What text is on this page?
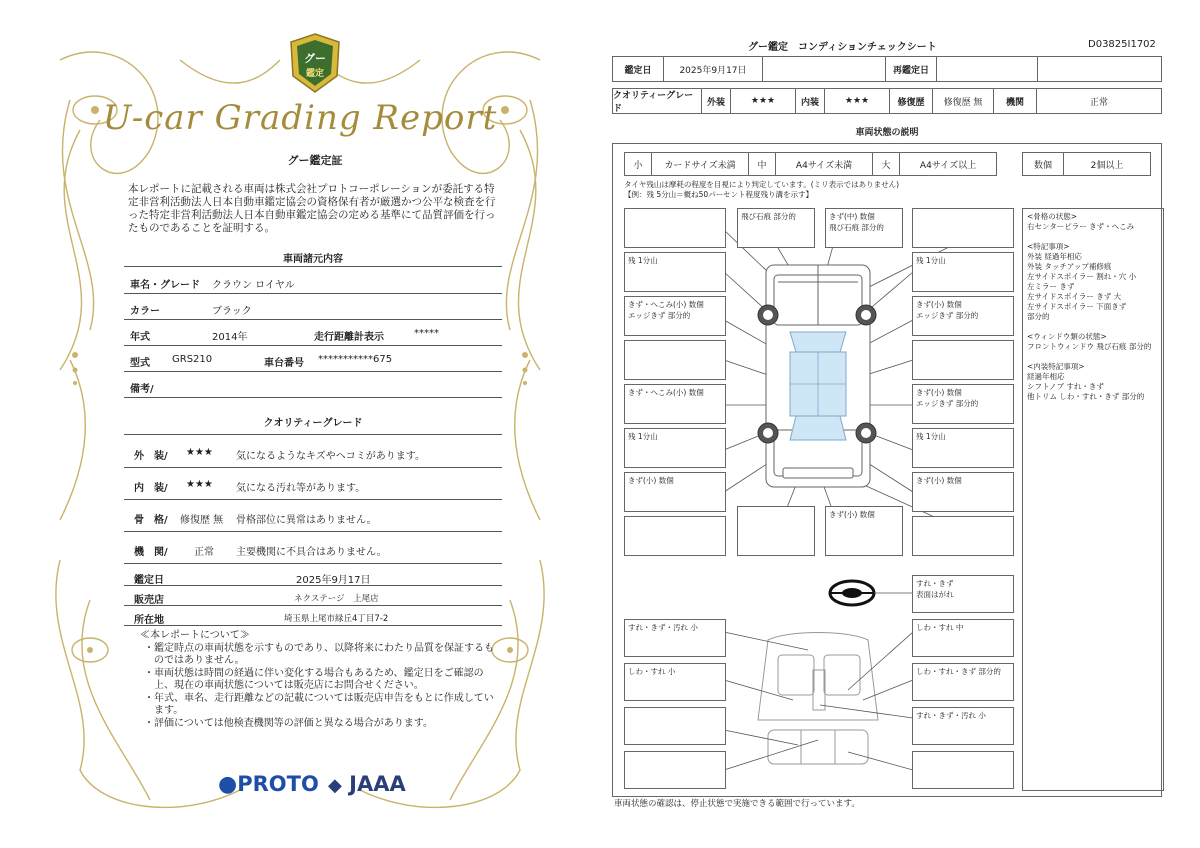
グー
鑑定
U-car Grading Report
グー鑑定証
本レポートに記載される車両は株式会社プロトコーポレーションが委託する特定非営利活動法人日本自動車鑑定協会の資格保有者が厳選かつ公平な検査を行った特定非営利活動法人日本自動車鑑定協会の定める基準にて品質評価を行ったものであることを証明する。
車両諸元内容
車名・グレード クラウン ロイヤル
カラー	ブラック
年式	2014年	走行距離計表示	*****
型式 GRS210	車台番号 ***********675
備考/
クオリティーグレード
外　装/ ★★★ 気になるようなキズやヘコミがあります。
内　装/ ★★★ 気になる汚れ等があります。
骨　格/ 修復歴 無 骨格部位に異常はありません。
機　関/	正常 主要機関に不具合はありません。
鑑定日	2025年9月17日
販売店	ネクステージ　上尾店
所在地	埼玉県上尾市緑丘4丁目7-2
≪本レポートについて≫
・鑑定時点の車両状態を示すものであり、以降将来にわたり品質を保証するものではありません。
・車両状態は時間の経過に伴い変化する場合もあるため、鑑定日をご確認の上、現在の車両状態については販売店にお問合せください。
・年式、車名、走行距離などの記載については販売店申告をもとに作成しています。
・評価については他検査機関等の評価と異なる場合があります。
●PROTO ◆ JAAA
グー鑑定　コンディションチェックシート	D03825I1702
鑑定日	2025年9月17日	再鑑定日
クオリティーグレード
外装	★★★	内装	★★★	修復歴	修復歴 無	機関	正常
車両状態の説明
小	カードサイズ未満	中	A4サイズ未満	大	A4サイズ以上	数個	2個以上
タイヤ残山は摩耗の程度を目視により判定しています。(ミリ表示ではありません)
【例：残 5分山＝概ね50パーセント程度残り溝を示す】
飛び石痕 部分的	きず(中) 数個
飛び石痕 部分的
残 1分山	残 1分山
きず・へこみ(小) 数個
エッジきず 部分的
きず(小) 数個
エッジきず 部分的
きず・へこみ(小) 数個	きず(小) 数個
エッジきず 部分的
残 1分山	残 1分山
きず(小) 数個	きず(小) 数個
きず(小) 数個
すれ・きず
表面はがれ
すれ・きず・汚れ 小	しわ・すれ 中
しわ・すれ 小	しわ・すれ・きず 部分的
すれ・きず・汚れ 小
<骨格の状態>
右センターピラー きず・へこみ

<特記事項>
外装 経過年相応
外装 タッチアップ補修痕
左サイドスポイラー 割れ・穴 小
左ミラー きず
左サイドスポイラー きず 大
左サイドスポイラー 下面きず
部分的

<ウィンドウ類の状態>
フロントウィンドウ 飛び石痕 部分的

<内装特記事項>
経過年相応
シフトノブ すれ・きず
他トリム しわ・すれ・きず 部分的
車両状態の確認は、停止状態で実施できる範囲で行っています。
